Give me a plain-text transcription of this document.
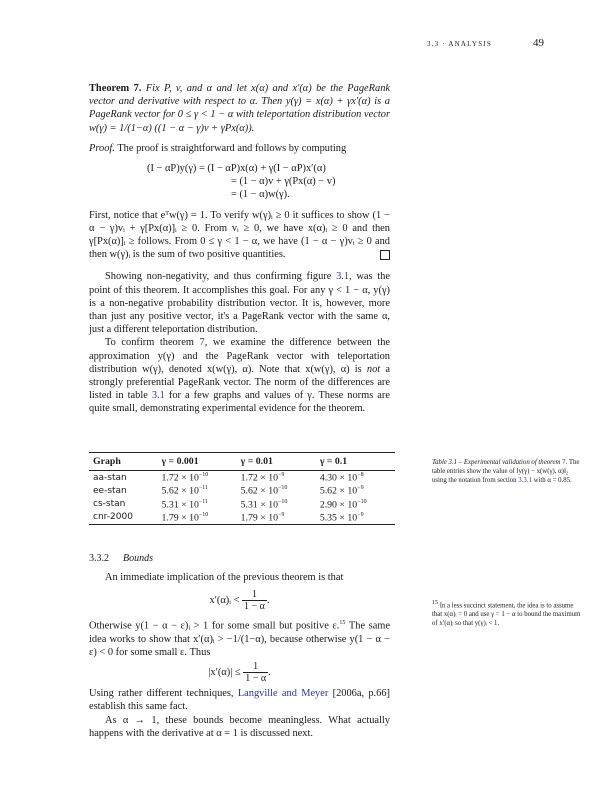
3.3 · ANALYSIS	49

Theorem 7. Fix P, v, and α and let x(α) and x′(α) be the PageRank vector and derivative with respect to α. Then y(γ) = x(α) + γx′(α) is a PageRank vector for 0 ≤ γ < 1 − α with teleportation distribution vector w(γ) = 1/(1−α) ((1 − α − γ)v + γPx(α)).

Proof. The proof is straightforward and follows by computing

(I − αP)y(γ) = (I − αP)x(α) + γ(I − αP)x′(α)
= (1 − α)v + γ(Px(α) − v)
= (1 − α)w(γ).

First, notice that eᵀw(γ) = 1. To verify w(γ)ᵢ ≥ 0 it suffices to show (1 − α − γ)vᵢ + γ[Px(α)]ᵢ ≥ 0. From vᵢ ≥ 0, we have x(α)ᵢ ≥ 0 and then γ[Px(α)]ᵢ ≥ follows. From 0 ≤ γ < 1 − α, we have (1 − α − γ)vᵢ ≥ 0 and then w(γ)ᵢ is the sum of two positive quantities.

Showing non-negativity, and thus confirming figure 3.1, was the point of this theorem. It accomplishes this goal. For any γ < 1 − α, y(γ) is a non-negative probability distribution vector. It is, however, more than just any positive vector, it's a PageRank vector with the same α, just a different teleportation distribution.

To confirm theorem 7, we examine the difference between the approximation y(γ) and the PageRank vector with teleportation distribution w(γ), denoted x(w(γ), α). Note that x(w(γ), α) is not a strongly preferential PageRank vector. The norm of the differences are listed in table 3.1 for a few graphs and values of γ. These norms are quite small, demonstrating experimental evidence for the theorem.

Graph	γ = 0.001	γ = 0.01	γ = 0.1
aa-stan	$1.72 \times 10^{-10}$	$1.72 \times 10^{-9}$	$4.30 \times 10^{-8}$
ee-stan	$5.62 \times 10^{-11}$	$5.62 \times 10^{-10}$	$5.62 \times 10^{-9}$
cs-stan	$5.31 \times 10^{-11}$	$5.31 \times 10^{-10}$	$2.90 \times 10^{-10}$
cnr-2000	$1.79 \times 10^{-10}$	$1.79 \times 10^{-9}$	$5.35 \times 10^{-9}$
Table 3.1 – Experimental validation of theorem 7. The table entries show the value of ‖y(γ) − x(w(γ), α)‖₂ using the notation from section 3.3.1 with α = 0.85.
3.3.2 Bounds

An immediate implication of the previous theorem is that

x′(α)ᵢ < $\frac{1}{1 - \alpha}$ .

Otherwise y(1 − α − ε)ᵢ > 1 for some small but positive ε.$^{15}$ The same idea works to show that x′(α)ᵢ > −1/(1−α), because otherwise y(1 − α − ε) < 0 for some small ε. Thus

$|x'(\alpha)| \le \frac{1}{1 - \alpha}$ .

Using rather different techniques, Langville and Meyer [2006a, p.66] establish this same fact.

As α → 1, these bounds become meaningless. What actually happens with the derivative at α = 1 is discussed next.

$^{15}$ In a less succinct statement, the idea is to assume that x(α)ᵢ = 0 and use γ = 1 − α to bound the maximum of x′(α)ᵢ so that y(γ)ᵢ < 1.
